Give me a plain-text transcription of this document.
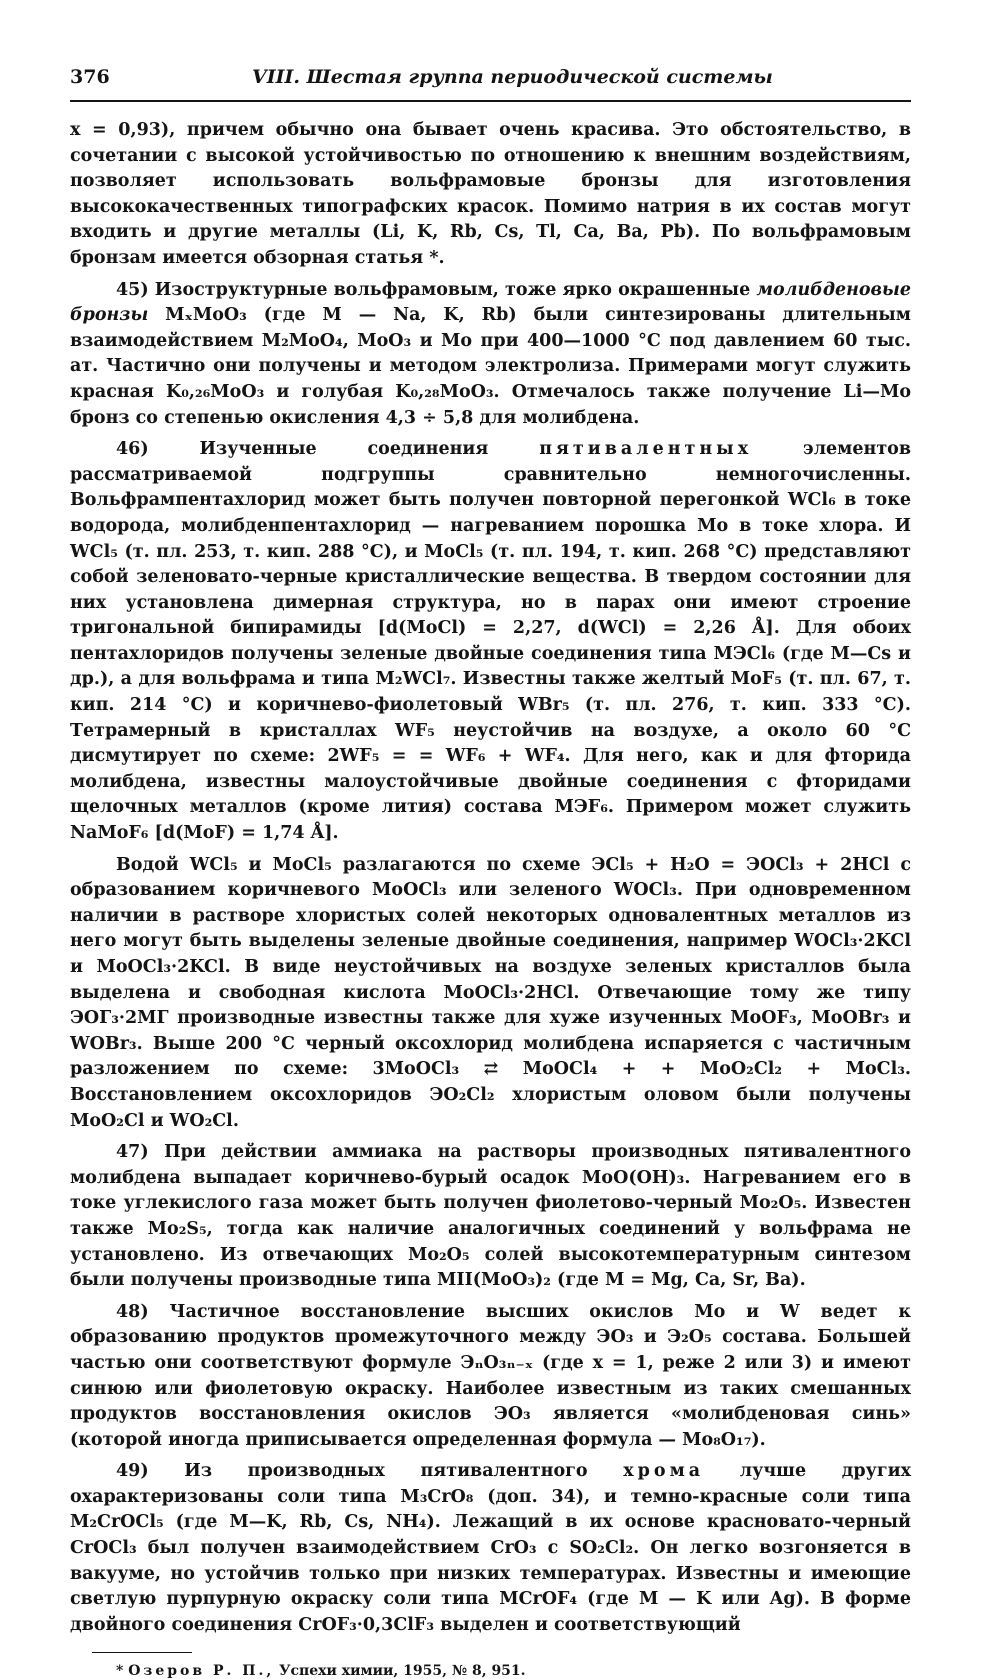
376	VIII. Шестая группа периодической системы

x = 0,93), причем обычно она бывает очень красива. Это обстоятельство, в сочетании с высокой устойчивостью по отношению к внешним воздействиям, позволяет использовать вольфрамовые бронзы для изготовления высококачественных типографских красок. Помимо натрия в их состав могут входить и другие металлы (Li, K, Rb, Cs, Tl, Ca, Ba, Pb). По вольфрамовым бронзам имеется обзорная статья *.

45) Изоструктурные вольфрамовым, тоже ярко окрашенные молибденовые бронзы MₓMoO₃ (где M — Na, K, Rb) были синтезированы длительным взаимодействием M₂MoO₄, MoO₃ и Mo при 400—1000 °С под давлением 60 тыс. ат. Частично они получены и методом электролиза. Примерами могут служить красная K₀,₂₆MoO₃ и голубая K₀,₂₈MoO₃. Отмечалось также получение Li—Mo бронз со степенью окисления 4,3 ÷ 5,8 для молибдена.

46) Изученные соединения пятивалентных элементов рассматриваемой подгруппы сравнительно немногочисленны. Вольфрампентахлорид может быть получен повторной перегонкой WCl₆ в токе водорода, молибденпентахлорид — нагреванием порошка Mo в токе хлора. И WCl₅ (т. пл. 253, т. кип. 288 °С), и MoCl₅ (т. пл. 194, т. кип. 268 °С) представляют собой зеленовато-черные кристаллические вещества. В твердом состоянии для них установлена димерная структура, но в парах они имеют строение тригональной бипирамиды [d(MoCl) = 2,27, d(WCl) = 2,26 Å]. Для обоих пентахлоридов получены зеленые двойные соединения типа MЭCl₆ (где M—Cs и др.), а для вольфрама и типа M₂WCl₇. Известны также желтый MoF₅ (т. пл. 67, т. кип. 214 °С) и коричнево-фиолетовый WBr₅ (т. пл. 276, т. кип. 333 °С). Тетрамерный в кристаллах WF₅ неустойчив на воздухе, а около 60 °С дисмутирует по схеме: 2WF₅ = = WF₆ + WF₄. Для него, как и для фторида молибдена, известны малоустойчивые двойные соединения с фторидами щелочных металлов (кроме лития) состава MЭF₆. Примером может служить NaMoF₆ [d(MoF) = 1,74 Å].

Водой WCl₅ и MoCl₅ разлагаются по схеме ЭCl₅ + H₂O = ЭOCl₃ + 2HCl с образованием коричневого MoOCl₃ или зеленого WOCl₃. При одновременном наличии в растворе хлористых солей некоторых одновалентных металлов из него могут быть выделены зеленые двойные соединения, например WOCl₃·2KCl и MoOCl₃·2KCl. В виде неустойчивых на воздухе зеленых кристаллов была выделена и свободная кислота MoOCl₃·2HCl. Отвечающие тому же типу ЭOГ₃·2MГ производные известны также для хуже изученных MoOF₃, MoOBr₃ и WOBr₃. Выше 200 °С черный оксохлорид молибдена испаряется с частичным разложением по схеме: 3MoOCl₃ ⇄ MoOCl₄ + + MoO₂Cl₂ + MoCl₃. Восстановлением оксохлоридов ЭO₂Cl₂ хлористым оловом были получены MoO₂Cl и WO₂Cl.

47) При действии аммиака на растворы производных пятивалентного молибдена выпадает коричнево-бурый осадок MoO(OH)₃. Нагреванием его в токе углекислого газа может быть получен фиолетово-черный Mo₂O₅. Известен также Mo₂S₅, тогда как наличие аналогичных соединений у вольфрама не установлено. Из отвечающих Mo₂O₅ солей высокотемпературным синтезом были получены производные типа MII(MoO₃)₂ (где M = Mg, Ca, Sr, Ba).

48) Частичное восстановление высших окислов Mo и W ведет к образованию продуктов промежуточного между ЭO₃ и Э₂O₅ состава. Большей частью они соответствуют формуле ЭₙO₃ₙ₋ₓ (где x = 1, реже 2 или 3) и имеют синюю или фиолетовую окраску. Наиболее известным из таких смешанных продуктов восстановления окислов ЭO₃ является «молибденовая синь» (которой иногда приписывается определенная формула — Mo₈O₁₇).

49) Из производных пятивалентного хрома лучше других охарактеризованы соли типа M₃CrO₈ (доп. 34), и темно-красные соли типа M₂CrOCl₅ (где M—K, Rb, Cs, NH₄). Лежащий в их основе красновато-черный CrOCl₃ был получен взаимодействием CrO₃ с SO₂Cl₂. Он легко возгоняется в вакууме, но устойчив только при низких температурах. Известны и имеющие светлую пурпурную окраску соли типа MCrOF₄ (где M — K или Ag). В форме двойного соединения CrOF₃·0,3ClF₃ выделен и соответствующий

* Озеров Р. П., Успехи химии, 1955, № 8, 951.
